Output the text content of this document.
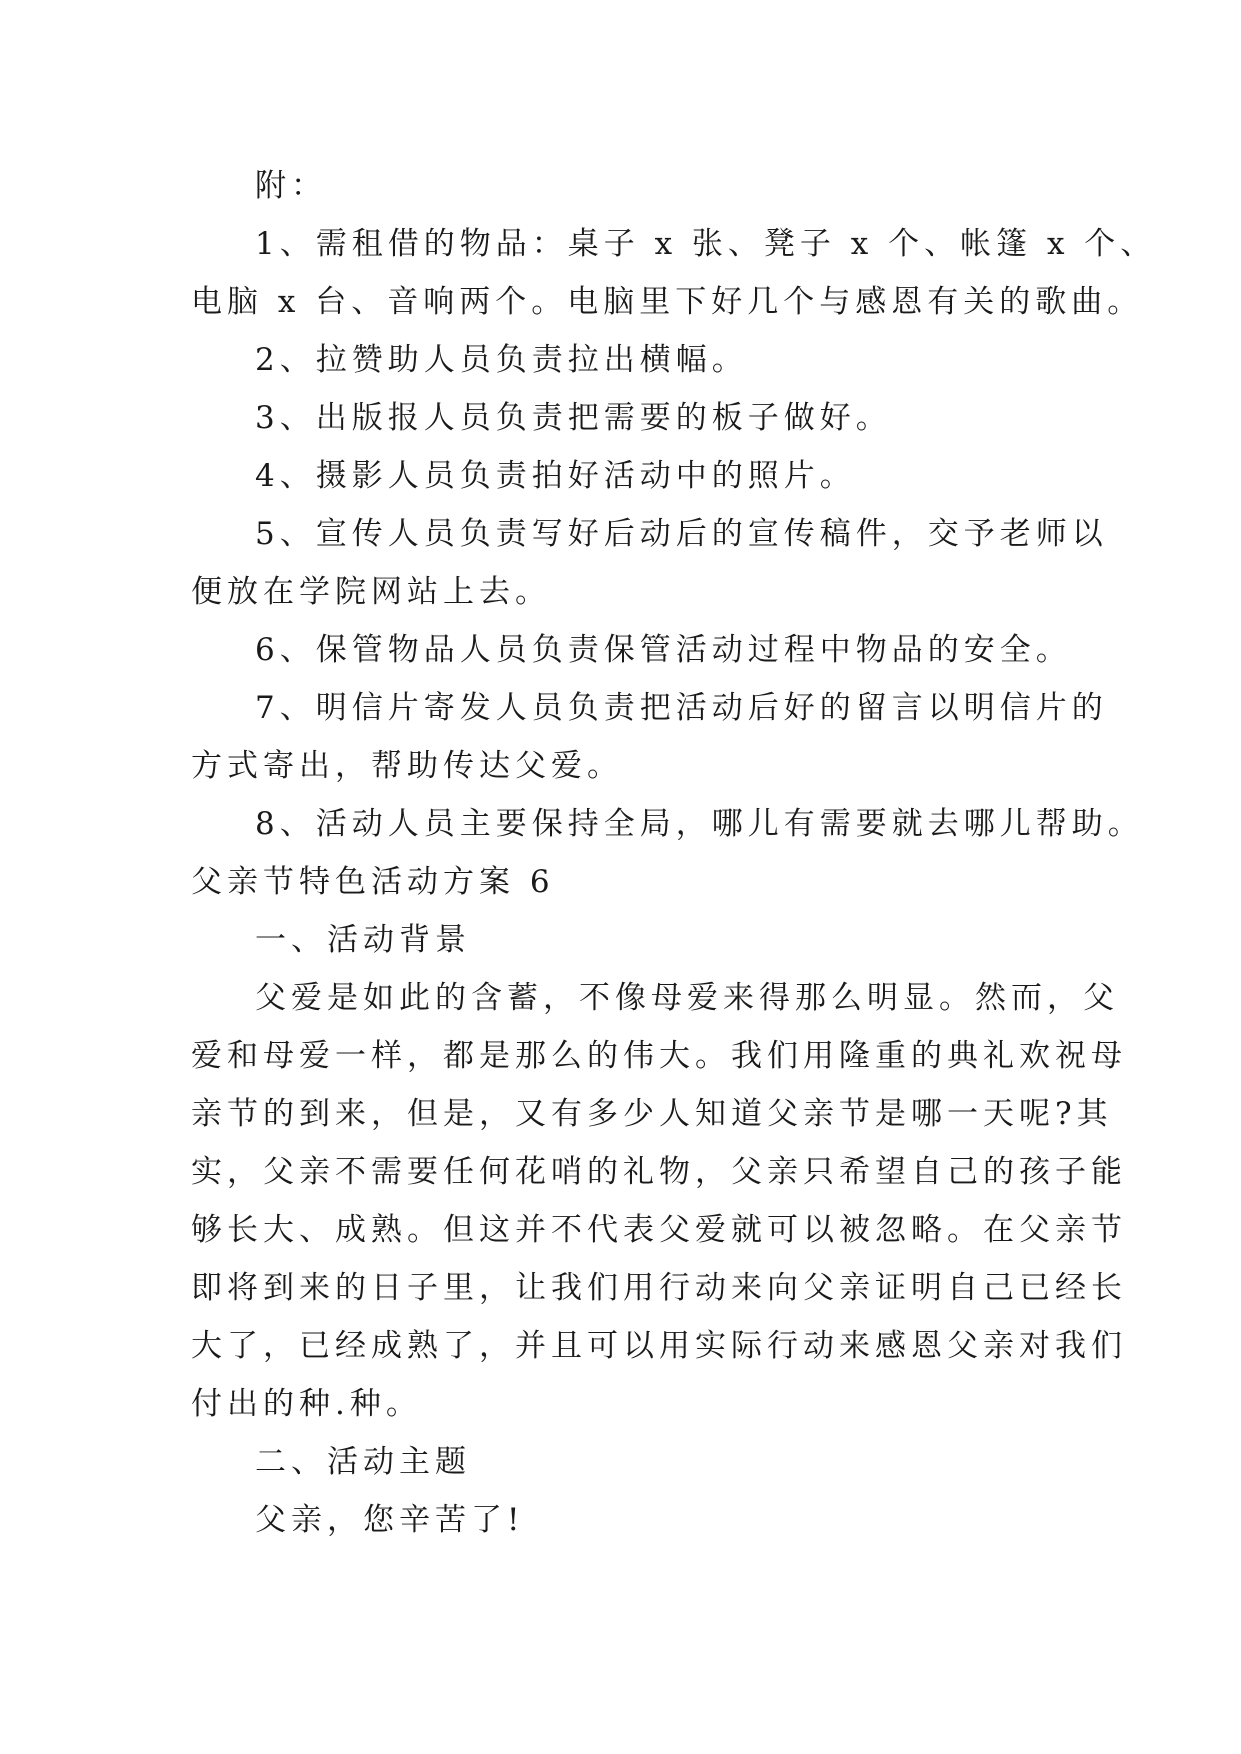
附：
1、需租借的物品：桌子 x 张、凳子 x 个、帐篷 x 个、
电脑 x 台、音响两个。电脑里下好几个与感恩有关的歌曲。
2、拉赞助人员负责拉出横幅。
3、出版报人员负责把需要的板子做好。
4、摄影人员负责拍好活动中的照片。
5、宣传人员负责写好后动后的宣传稿件，交予老师以
便放在学院网站上去。
6、保管物品人员负责保管活动过程中物品的安全。
7、明信片寄发人员负责把活动后好的留言以明信片的
方式寄出，帮助传达父爱。
8、活动人员主要保持全局，哪儿有需要就去哪儿帮助。
父亲节特色活动方案 6
一、活动背景
父爱是如此的含蓄，不像母爱来得那么明显。然而，父
爱和母爱一样，都是那么的伟大。我们用隆重的典礼欢祝母
亲节的到来，但是，又有多少人知道父亲节是哪一天呢?其
实，父亲不需要任何花哨的礼物，父亲只希望自己的孩子能
够长大、成熟。但这并不代表父爱就可以被忽略。在父亲节
即将到来的日子里，让我们用行动来向父亲证明自己已经长
大了，已经成熟了，并且可以用实际行动来感恩父亲对我们
付出的种.种。
二、活动主题
父亲，您辛苦了!
